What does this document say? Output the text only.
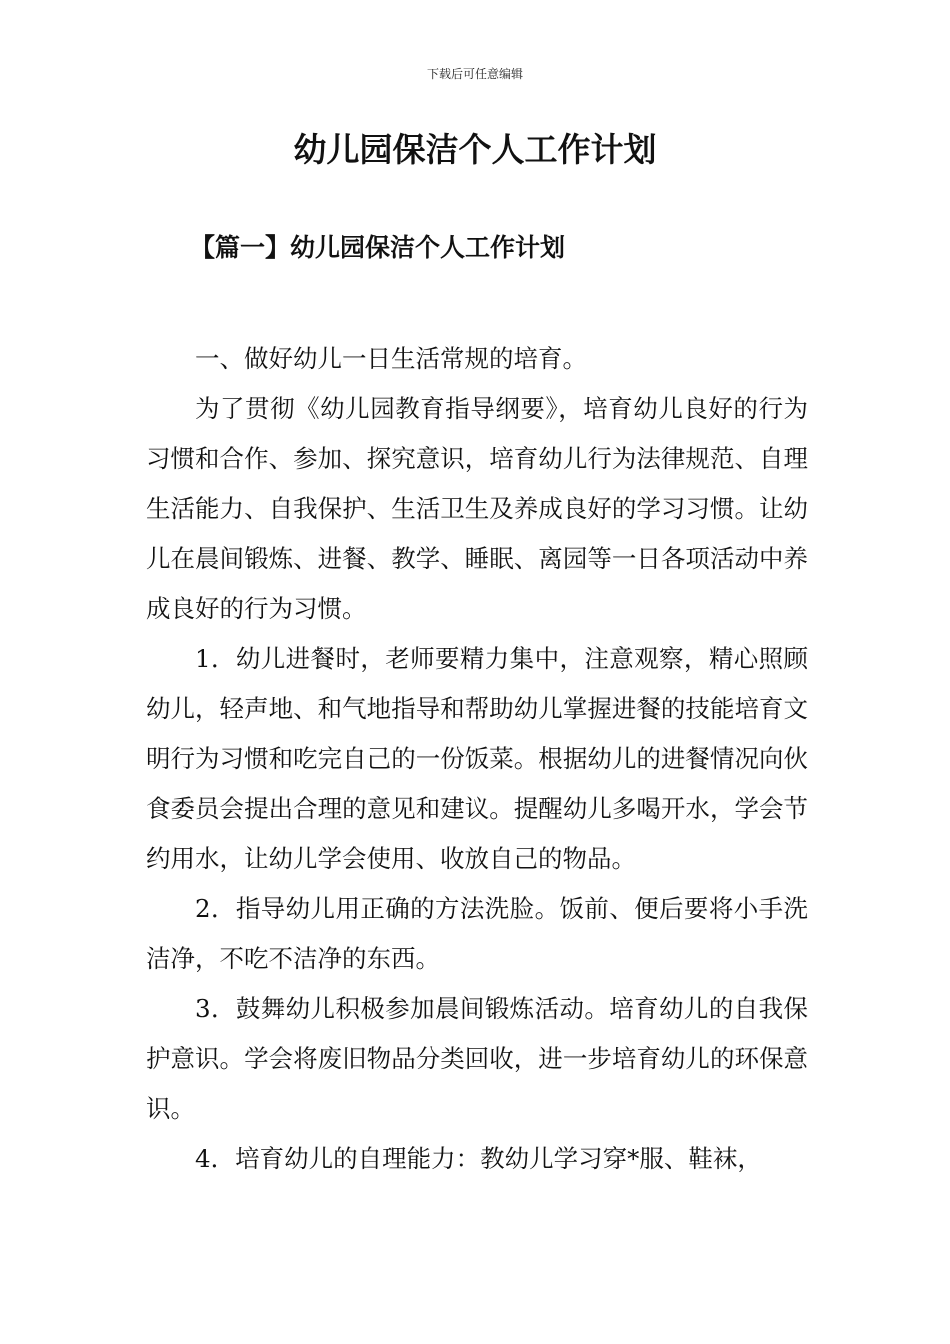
下载后可任意编辑
幼儿园保洁个人工作计划
【篇一】幼儿园保洁个人工作计划

一、做好幼儿一日生活常规的培育。

为了贯彻《幼儿园教育指导纲要》，培育幼儿良好的行为习惯和合作、参加、探究意识，培育幼儿行为法律规范、自理生活能力、自我保护、生活卫生及养成良好的学习习惯。让幼儿在晨间锻炼、进餐、教学、睡眠、离园等一日各项活动中养成良好的行为习惯。

1．幼儿进餐时，老师要精力集中，注意观察，精心照顾幼儿，轻声地、和气地指导和帮助幼儿掌握进餐的技能培育文明行为习惯和吃完自己的一份饭菜。根据幼儿的进餐情况向伙食委员会提出合理的意见和建议。提醒幼儿多喝开水，学会节约用水，让幼儿学会使用、收放自己的物品。

2．指导幼儿用正确的方法洗脸。饭前、便后要将小手洗洁净，不吃不洁净的东西。

3．鼓舞幼儿积极参加晨间锻炼活动。培育幼儿的自我保护意识。学会将废旧物品分类回收，进一步培育幼儿的环保意识。

4．培育幼儿的自理能力：教幼儿学习穿*服、鞋袜，
